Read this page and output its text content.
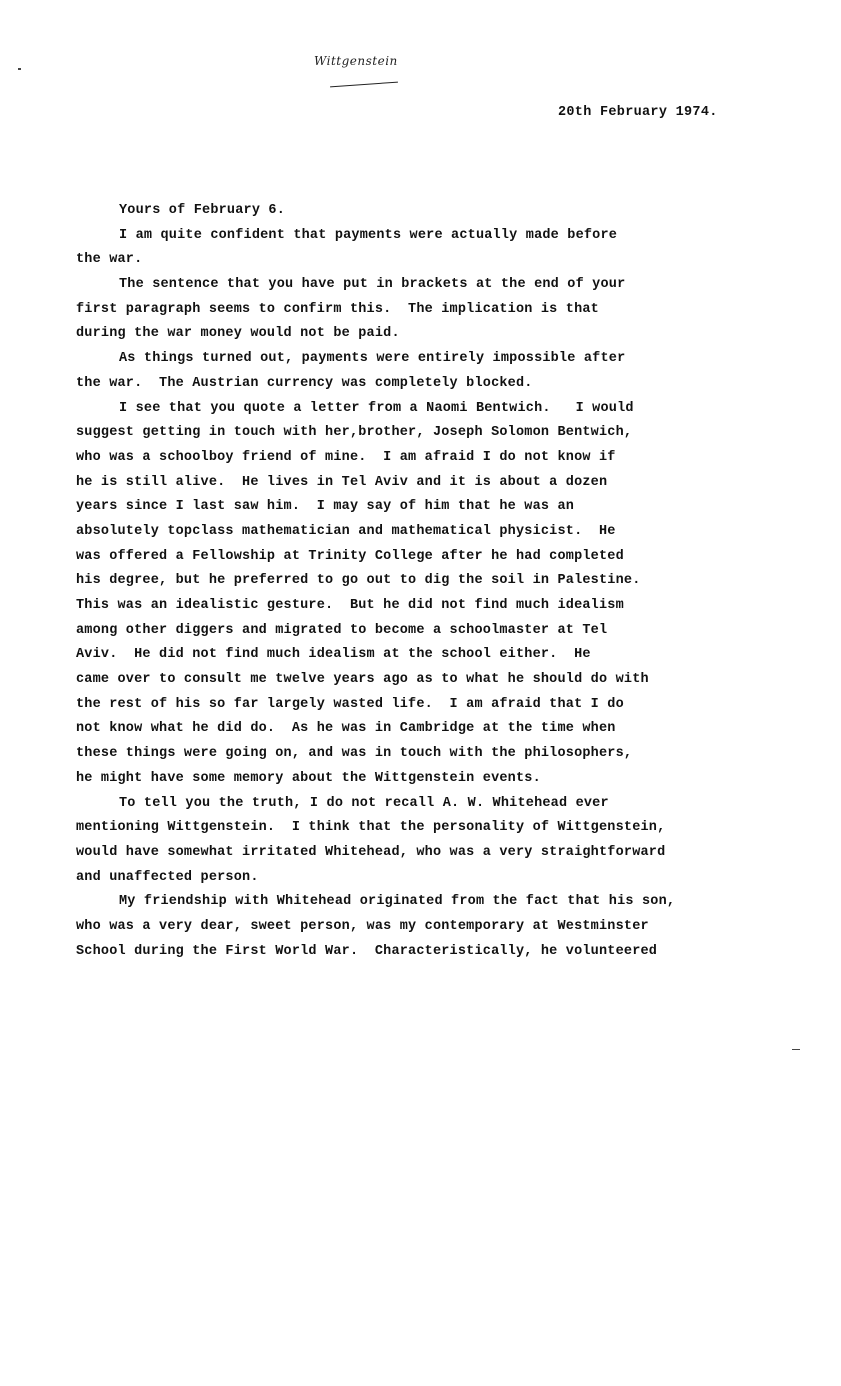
Wittgenstein
20th February 1974.
Yours of February 6.
I am quite confident that payments were actually made before
the war.
The sentence that you have put in brackets at the end of your
first paragraph seems to confirm this.  The implication is that
during the war money would not be paid.
As things turned out, payments were entirely impossible after
the war.  The Austrian currency was completely blocked.
I see that you quote a letter from a Naomi Bentwich.   I would
suggest getting in touch with her,brother, Joseph Solomon Bentwich,
who was a schoolboy friend of mine.  I am afraid I do not know if
he is still alive.  He lives in Tel Aviv and it is about a dozen
years since I last saw him.  I may say of him that he was an
absolutely topclass mathematician and mathematical physicist.  He
was offered a Fellowship at Trinity College after he had completed
his degree, but he preferred to go out to dig the soil in Palestine.
This was an idealistic gesture.  But he did not find much idealism
among other diggers and migrated to become a schoolmaster at Tel
Aviv.  He did not find much idealism at the school either.  He
came over to consult me twelve years ago as to what he should do with
the rest of his so far largely wasted life.  I am afraid that I do
not know what he did do.  As he was in Cambridge at the time when
these things were going on, and was in touch with the philosophers,
he might have some memory about the Wittgenstein events.
To tell you the truth, I do not recall A. W. Whitehead ever
mentioning Wittgenstein.  I think that the personality of Wittgenstein,
would have somewhat irritated Whitehead, who was a very straightforward
and unaffected person.
My friendship with Whitehead originated from the fact that his son,
who was a very dear, sweet person, was my contemporary at Westminster
School during the First World War.  Characteristically, he volunteered
